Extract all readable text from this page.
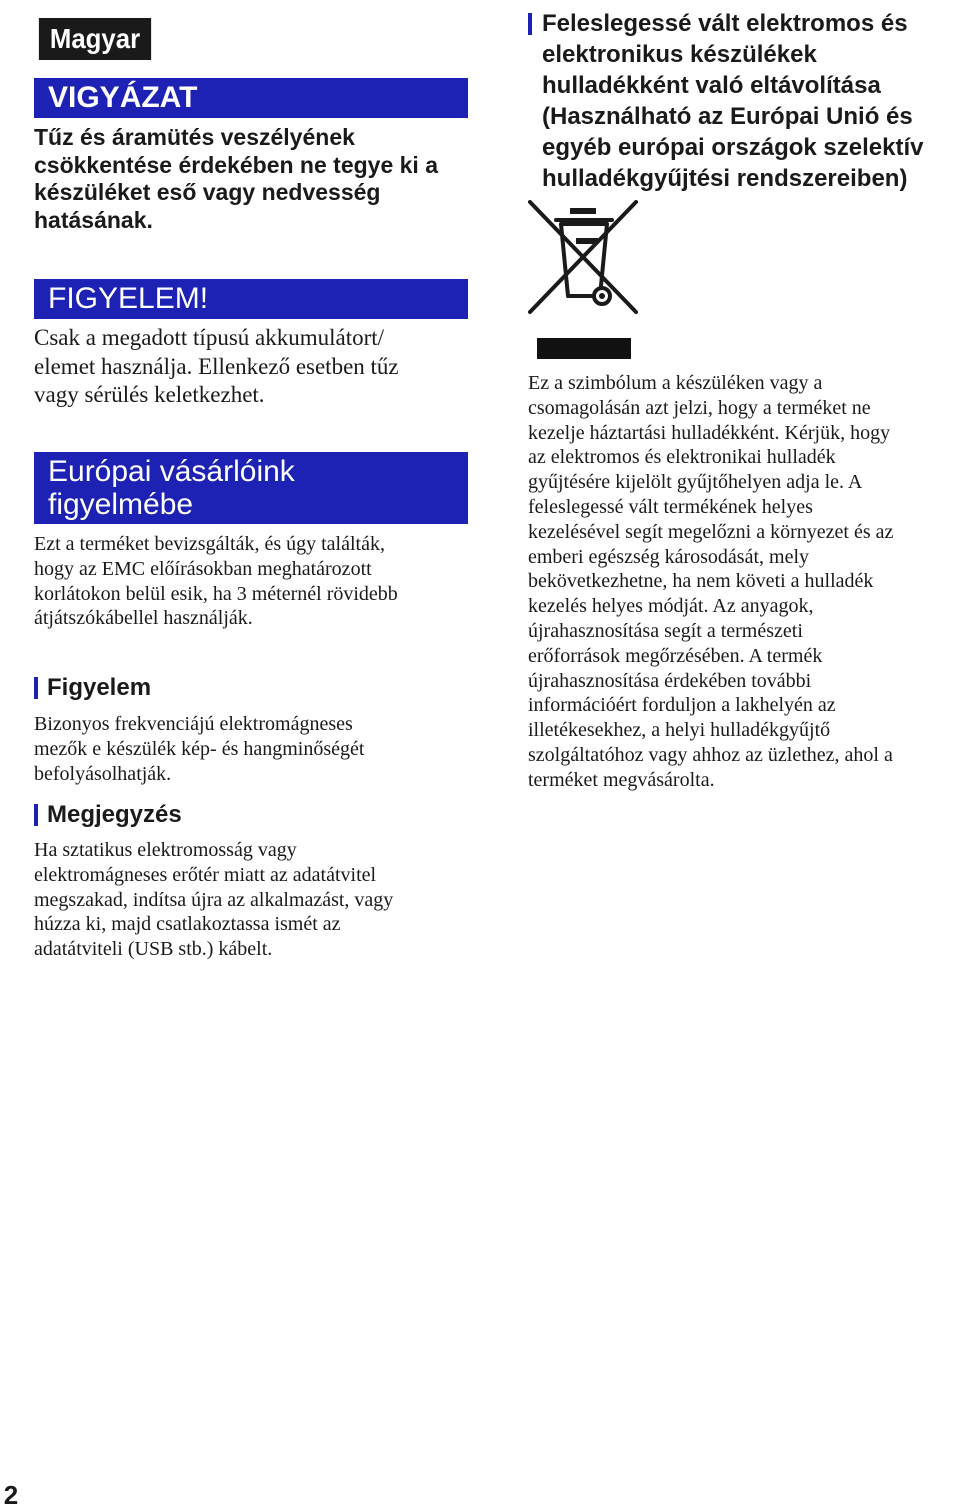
Magyar
VIGYÁZAT
Tűz és áramütés veszélyének
csökkentése érdekében ne tegye ki a
készüléket eső vagy nedvesség
hatásának.
FIGYELEM!
Csak a megadott típusú akkumulátort/
elemet használja. Ellenkező esetben tűz
vagy sérülés keletkezhet.
Európai vásárlóink
figyelmébe
Ezt a terméket bevizsgálták, és úgy találták,
hogy az EMC előírásokban meghatározott
korlátokon belül esik, ha 3 méternél rövidebb
átjátszókábellel használják.
Figyelem
Bizonyos frekvenciájú elektromágneses
mezők e készülék kép- és hangminőségét
befolyásolhatják.
Megjegyzés
Ha sztatikus elektromosság vagy
elektromágneses erőtér miatt az adatátvitel
megszakad, indítsa újra az alkalmazást, vagy
húzza ki, majd csatlakoztassa ismét az
adatátviteli (USB stb.) kábelt.
Feleslegessé vált elektromos és
elektronikus készülékek
hulladékként való eltávolítása
(Használható az Európai Unió és
egyéb európai országok szelektív
hulladékgyűjtési rendszereiben)
Ez a szimbólum a készüléken vagy a
csomagolásán azt jelzi, hogy a terméket ne
kezelje háztartási hulladékként. Kérjük, hogy
az elektromos és elektronikai hulladék
gyűjtésére kijelölt gyűjtőhelyen adja le. A
feleslegessé vált termékének helyes
kezelésével segít megelőzni a környezet és az
emberi egészség károsodását, mely
bekövetkezhetne, ha nem követi a hulladék
kezelés helyes módját. Az anyagok,
újrahasznosítása segít a természeti
erőforrások megőrzésében. A termék
újrahasznosítása érdekében további
információért forduljon a lakhelyén az
illetékesekhez, a helyi hulladékgyűjtő
szolgáltatóhoz vagy ahhoz az üzlethez, ahol a
terméket megvásárolta.
2
